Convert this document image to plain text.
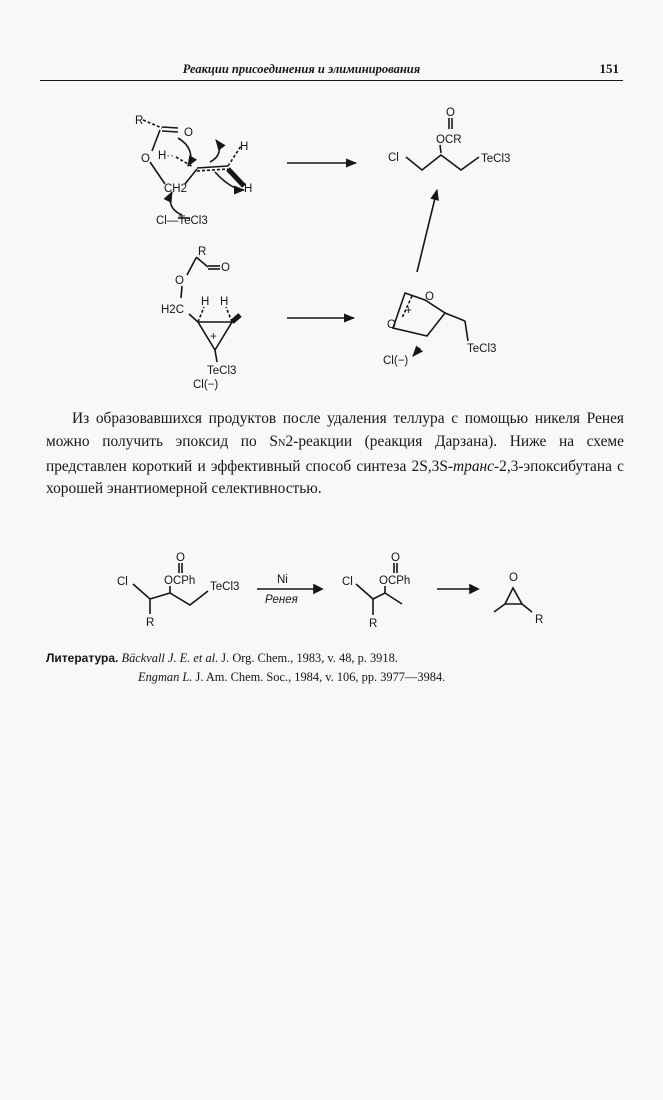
Реакции присоединения и элиминирования	151
R
O
O H··
CH2
H
H
Cl—TeCl3
O
OCR
Cl	TeCl3
R
O
O
H2C
H H
+
TeCl3
Cl(−)
O
O
+
TeCl3
Cl(−)

Из образовавшихся продуктов после удаления теллура с помощью никеля Ренея можно получить эпоксид по SN2-реакции (реакция Дарзана). Ниже на схеме представлен короткий и эффективный способ синтеза 2S,3S-транс-2,3-эпоксибутана с хорошей энантиомерной селективностью.

O
OCPh
Cl
R
TeCl3
Ni
Ренея
O
OCPh
Cl
R
O
R
Литература. Bäckvall J. E. et al. J. Org. Chem., 1983, v. 48, p. 3918.
Engman L. J. Am. Chem. Soc., 1984, v. 106, pp. 3977—3984.
